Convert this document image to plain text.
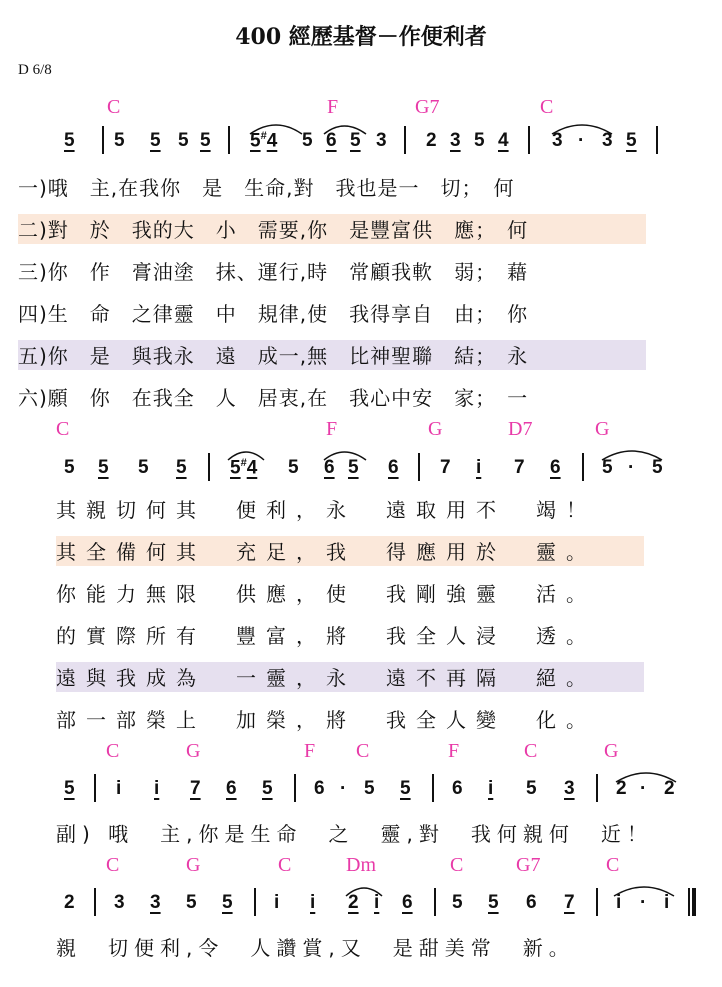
400 經歷基督－作便利者
D 6/8
C	F	G7	C
5 5 5 5 5 5#4 5 6 5 3 2 3 5 4 3 · 3 5
一)哦　主,在我你　是　生命,對　我也是一　切；　何
二)對　於　我的大　小　需要,你　是豐富供　應；　何
三)你　作　膏油塗　抹、運行,時　常顧我軟　弱；　藉
四)生　命　之律靈　中　規律,使　我得享自　由；　你
五)你　是　與我永　遠　成一,無　比神聖聯　結；　永
六)願　你　在我全　人　居衷,在　我心中安　家；　一
C	F	G	D7	G
5 5 5 5 5#4 5 6 5 6 7 i 7 6 5 · 5
其親切何其　便利，永　遠取用不　竭！
其全備何其　充足，我　得應用於　靈。
你能力無限　供應，使　我剛強靈　活。
的實際所有　豐富，將　我全人浸　透。
遠與我成為　一靈，永　遠不再隔　絕。
部一部榮上　加榮，將　我全人變　化。
C	G	F C	F	C	G
5 i i 7 6 5 6 · 5 5 6 i 5 3 2 · 2
副) 哦　主,你是生命　之　靈,對　我何親何　近！
C	G	C	Dm	C	G7	C
2 3 3 5 5 i i 2 i 6 5 5 6 7 i · i
親　切便利,令　人讚賞,又　是甜美常　新。
